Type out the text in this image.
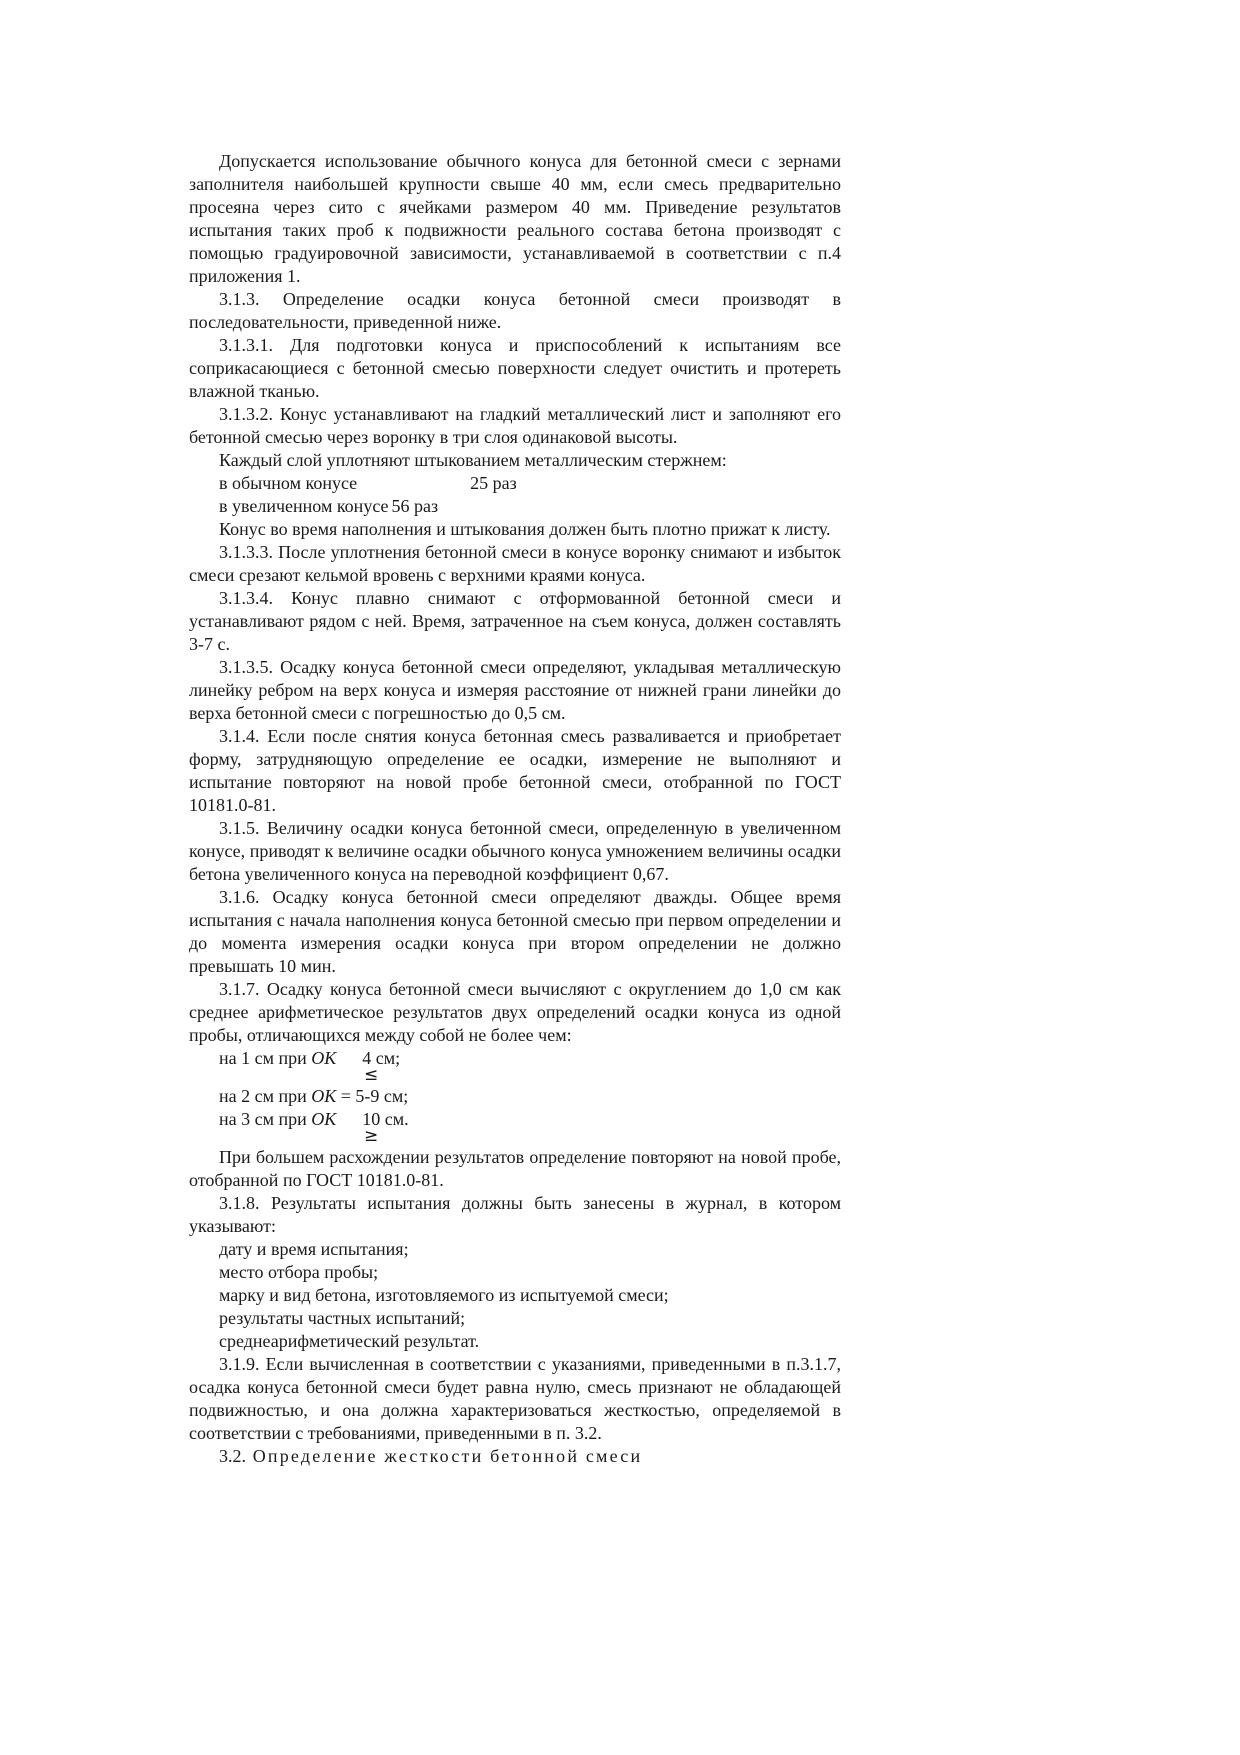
Допускается использование обычного конуса для бетонной смеси с зернами заполнителя наибольшей крупности свыше 40 мм, если смесь предварительно просеяна через сито с ячейками размером 40 мм. Приведение результатов испытания таких проб к подвижности реального состава бетона производят с помощью градуировочной зависимости, устанавливаемой в соответствии с п.4 приложения 1.

3.1.3. Определение осадки конуса бетонной смеси производят в последовательности, приведенной ниже.

3.1.3.1. Для подготовки конуса и приспособлений к испытаниям все соприкасающиеся с бетонной смесью поверхности следует очистить и протереть влажной тканью.

3.1.3.2. Конус устанавливают на гладкий металлический лист и заполняют его бетонной смесью через воронку в три слоя одинаковой высоты.

Каждый слой уплотняют штыкованием металлическим стержнем:

в обычном конусе	25 раз
в увеличенном конусе 56 раз

Конус во время наполнения и штыкования должен быть плотно прижат к листу.

3.1.3.3. После уплотнения бетонной смеси в конусе воронку снимают и избыток смеси срезают кельмой вровень с верхними краями конуса.

3.1.3.4. Конус плавно снимают с отформованной бетонной смеси и устанавливают рядом с ней. Время, затраченное на съем конуса, должен составлять 3-7 с.

3.1.3.5. Осадку конуса бетонной смеси определяют, укладывая металлическую линейку ребром на верх конуса и измеряя расстояние от нижней грани линейки до верха бетонной смеси с погрешностью до 0,5 см.

3.1.4. Если после снятия конуса бетонная смесь разваливается и приобретает форму, затрудняющую определение ее осадки, измерение не выполняют и испытание повторяют на новой пробе бетонной смеси, отобранной по ГОСТ 10181.0-81.

3.1.5. Величину осадки конуса бетонной смеси, определенную в увеличенном конусе, приводят к величине осадки обычного конуса умножением величины осадки бетона увеличенного конуса на переводной коэффициент 0,67.

3.1.6. Осадку конуса бетонной смеси определяют дважды. Общее время испытания с начала наполнения конуса бетонной смесью при первом определении и до момента измерения осадки конуса при втором определении не должно превышать 10 мин.

3.1.7. Осадку конуса бетонной смеси вычисляют с округлением до 1,0 см как среднее арифметическое результатов двух определений осадки конуса из одной пробы, отличающихся между собой не более чем:

на 1 см при ОК 4 см;
≤
на 2 см при ОК = 5-9 см;
на 3 см при ОК 10 см.
≥

При большем расхождении результатов определение повторяют на новой пробе, отобранной по ГОСТ 10181.0-81.

3.1.8. Результаты испытания должны быть занесены в журнал, в котором указывают:

дату и время испытания;
место отбора пробы;
марку и вид бетона, изготовляемого из испытуемой смеси;
результаты частных испытаний;
среднеарифметический результат.

3.1.9. Если вычисленная в соответствии с указаниями, приведенными в п.3.1.7, осадка конуса бетонной смеси будет равна нулю, смесь признают не обладающей подвижностью, и она должна характеризоваться жесткостью, определяемой в соответствии с требованиями, приведенными в п. 3.2.

3.2. Определение жесткости бетонной смеси
